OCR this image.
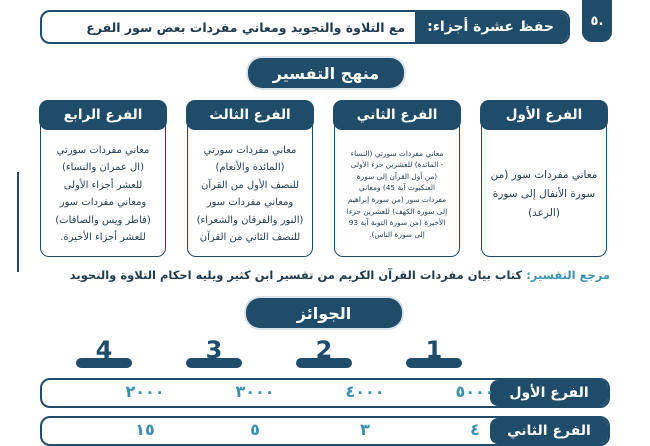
٥.
حفظ عشرة أجزاء:
مع التلاوة والتجويد ومعاني مفردات بعض سور الفرع
منهج التفسير
الفرع الرابع
معاني مفردات سورتي
(ال عمران والنساء)
للعشر أجزاء الأولى
ومعاني مفردات سور
(فاطر ويس والصافات)
للعشر أجزاء الأخيرة.
الفرع الثالث
معاني مفردات سورتي
(المائدة والأنعام)
للنصف الأول من القرآن
ومعاني مفردات سور
(النور والفرقان والشعراء)
للنصف الثاني من القرآن
الفرع الثاني
معاني مفردات سورتي (النساء
- المائدة) للعشرين جزء الأولى
(من أول القرآن إلى سورة
العنكبوت آية 45) ومعاني
مفردات سور (من سورة إبراهيم
إلى سورة الكهف) للعشرين جزءا
الأخيرة (من سورة التوبة آية 93
إلى سورة الناس).
الفرع الأول
معاني مفردات سور (من
سورة الأنفال إلى سورة
(الرعد)
مرجع التفسير: كتاب بيان مفردات القرآن الكريم من تفسير ابن كثير ويليه احكام التلاوة والتحويد
الجوائز
1
2
3
4
الفرع الأول
٥٠٠٠
٤٠٠٠
٣٠٠٠
٢٠٠٠
الفرع الثاني
٤
٣
٥
١٥
